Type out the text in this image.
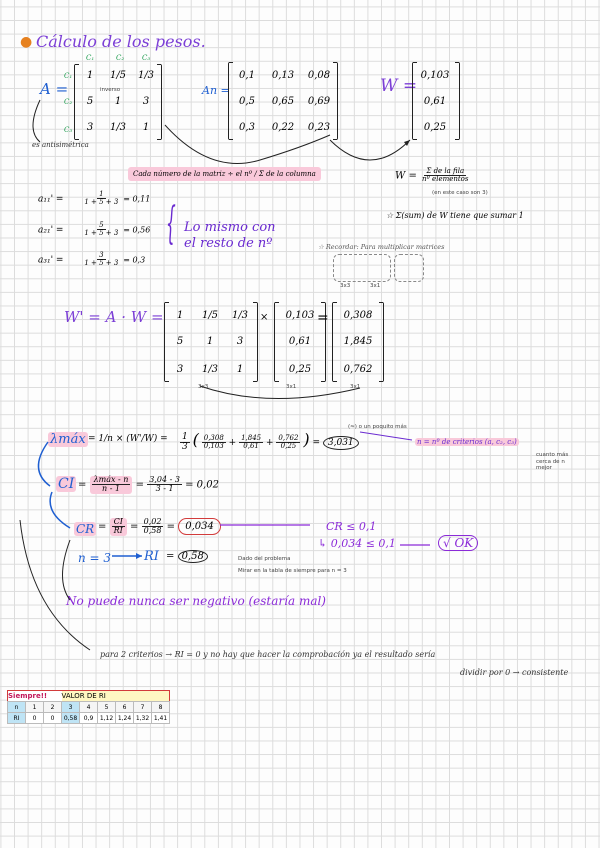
● Cálculo de los pesos.
A =
C₁	C₂	C₃
C₁
C₂
C₃
1	1/5	1/3
5	1	3
3	1/3	1
inverso
es antisimétrica
An =
0,1	0,13	0,08
0,5	0,65	0,69
0,3	0,22	0,23
W =
0,103
0,61
0,25
Cada número de la matriz ÷ el nº / Σ de la columna	$W = \frac{\text{Σ de la fila}}{\text{nº elementos}}$
(en este caso son 3)
☆ Σ(sum) de W tiene que sumar 1
a₁₁' =	$\frac{1}{1 + 5 + 3} = 0,11$
a₂₁' =	$\frac{5}{1 + 5 + 3} = 0,56$
a₃₁' =	$\frac{3}{1 + 5 + 3} = 0,3$
{ Lo mismo con
el resto de nº	☆ Recordar: Para multiplicar matrices
3x3	3x1
W' = A · W =	1	1/5	1/3
5	1	3
3	1/3	1
×	0,103
0,61
0,25
=	0,308
1,845
0,762
3x3	3x1	3x1
λmáx = $1/n \times (W'/W) = \frac{1}{3}$ ( $\frac{0,308}{0,103} + \frac{1,845}{0,61} + \frac{0,762}{0,25}$ ) = 3,031
(≈) o un poquito más
n = nº de criterios (a, c₂, c₃)
cuanto más cerca de n mejor
CI = $\frac{\text{λmáx - n}}{n - 1} = \frac{3,04 - 3}{3 - 1} = 0,02$
CR = $\frac{CI}{RI} = \frac{0,02}{0,58} = 0,034$	CR ≤ 0,1
↳ 0,034 ≤ 0,1	√ OK
n = 3	RI = 0,58	Dado del problema
Mirar en la tabla de siempre para n = 3
No puede nunca ser negativo (estaría mal)
para 2 criterios → RI = 0 y no hay que hacer la comprobación ya el resultado sería
dividir por 0 → consistente
Siempre!!			VALOR DE RI					
n	1	2	3	4	5	6	7	8
RI	0	0	0,58	0,9	1,12	1,24	1,32	1,41
